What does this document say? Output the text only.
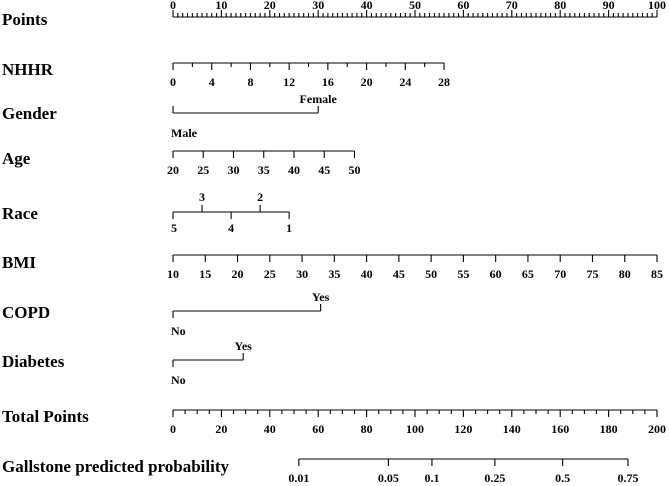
Points
0	10	20	30	40	50	60	70	80	90	100
NHHR
0	4	8 12 16 20 24 28
Gender
Male
Female
Age
20 25 30 35 40 45 50
Race
5
3
4
2
1
BMI
10 15 20 25 30 35 40 45 50 55 60 65 70 75 80 85
COPD
No
Yes
Diabetes
No
Yes
Total Points
0	20	40	60	80	100	120	140	160	180	200
Gallstone predicted probability
0.01	0.05 0.1	0.25	0.5	0.75
